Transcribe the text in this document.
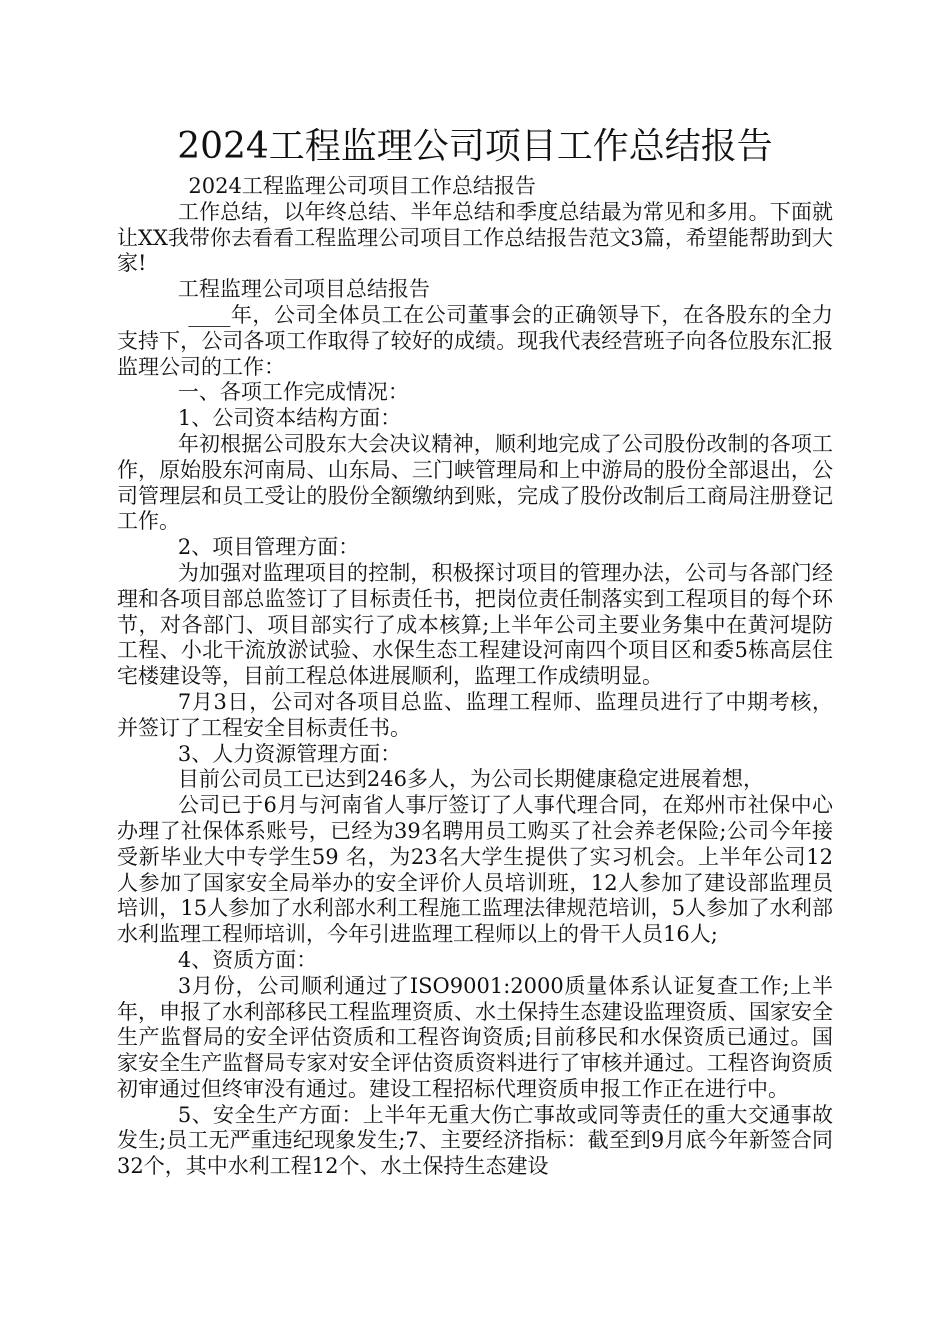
2024工程监理公司项目工作总结报告

2024工程监理公司项目工作总结报告

工作总结，以年终总结、半年总结和季度总结最为常见和多用。下面就让XX我带你去看看工程监理公司项目工作总结报告范文3篇，希望能帮助到大家!

工程监理公司项目总结报告

____年，公司全体员工在公司董事会的正确领导下，在各股东的全力支持下，公司各项工作取得了较好的成绩。现我代表经营班子向各位股东汇报监理公司的工作：

一、各项工作完成情况：

1、公司资本结构方面：

年初根据公司股东大会决议精神，顺利地完成了公司股份改制的各项工作，原始股东河南局、山东局、三门峡管理局和上中游局的股份全部退出，公司管理层和员工受让的股份全额缴纳到账，完成了股份改制后工商局注册登记工作。

2、项目管理方面：

为加强对监理项目的控制，积极探讨项目的管理办法，公司与各部门经理和各项目部总监签订了目标责任书，把岗位责任制落实到工程项目的每个环节，对各部门、项目部实行了成本核算;上半年公司主要业务集中在黄河堤防工程、小北干流放淤试验、水保生态工程建设河南四个项目区和委5栋高层住宅楼建设等，目前工程总体进展顺利，监理工作成绩明显。

7月3日，公司对各项目总监、监理工程师、监理员进行了中期考核，并签订了工程安全目标责任书。

3、人力资源管理方面：

目前公司员工已达到246多人，为公司长期健康稳定进展着想，

公司已于6月与河南省人事厅签订了人事代理合同，在郑州市社保中心办理了社保体系账号，已经为39名聘用员工购买了社会养老保险;公司今年接受新毕业大中专学生59 名，为23名大学生提供了实习机会。上半年公司12人参加了国家安全局举办的安全评价人员培训班，12人参加了建设部监理员培训，15人参加了水利部水利工程施工监理法律规范培训，5人参加了水利部水利监理工程师培训，今年引进监理工程师以上的骨干人员16人;

4、资质方面：

3月份，公司顺利通过了ISO9001:2000质量体系认证复查工作;上半年，申报了水利部移民工程监理资质、水土保持生态建设监理资质、国家安全生产监督局的安全评估资质和工程咨询资质;目前移民和水保资质已通过。国家安全生产监督局专家对安全评估资质资料进行了审核并通过。工程咨询资质初审通过但终审没有通过。建设工程招标代理资质申报工作正在进行中。

5、安全生产方面：上半年无重大伤亡事故或同等责任的重大交通事故发生;员工无严重违纪现象发生;7、主要经济指标：截至到9月底今年新签合同32个，其中水利工程12个、水土保持生态建设
